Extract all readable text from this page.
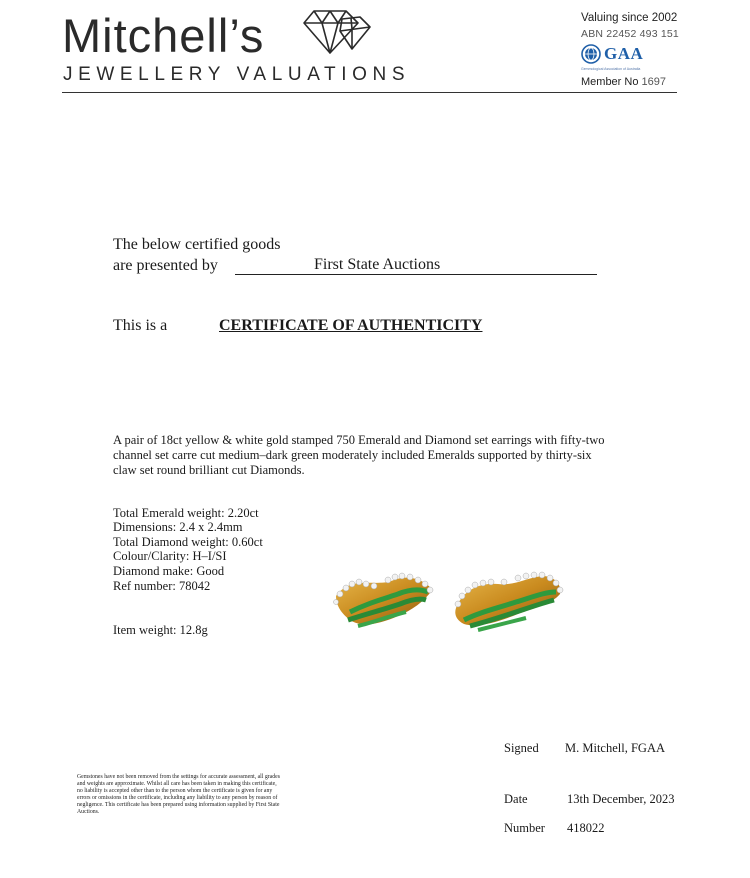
Mitchell’s
JEWELLERY VALUATIONS
Valuing since 2002
ABN 22452 493 151
GAA
Gemmological Association of Australia
Member No 1697
The below certified goods
are presented by	First State Auctions
This is a	CERTIFICATE OF AUTHENTICITY
A pair of 18ct yellow & white gold stamped 750 Emerald and Diamond set earrings with fifty-two channel set carre cut medium–dark green moderately included Emeralds supported by thirty-six claw set round brilliant cut Diamonds.
Total Emerald weight: 2.20ct
Dimensions: 2.4 x 2.4mm
Total Diamond weight: 0.60ct
Colour/Clarity: H–I/SI
Diamond make: Good
Ref number: 78042
Item weight: 12.8g
Signed M. Mitchell, FGAA
Date	13th December, 2023
Number 418022
Gemstones have not been removed from the settings for accurate assessment, all grades and weights are approximate. Whilst all care has been taken in making this certificate, no liability is accepted other than to the person whom the certificate is given for any errors or omissions in the certificate, including any liability to any person by reason of negligence. This certificate has been prepared using information supplied by First State Auctions.
